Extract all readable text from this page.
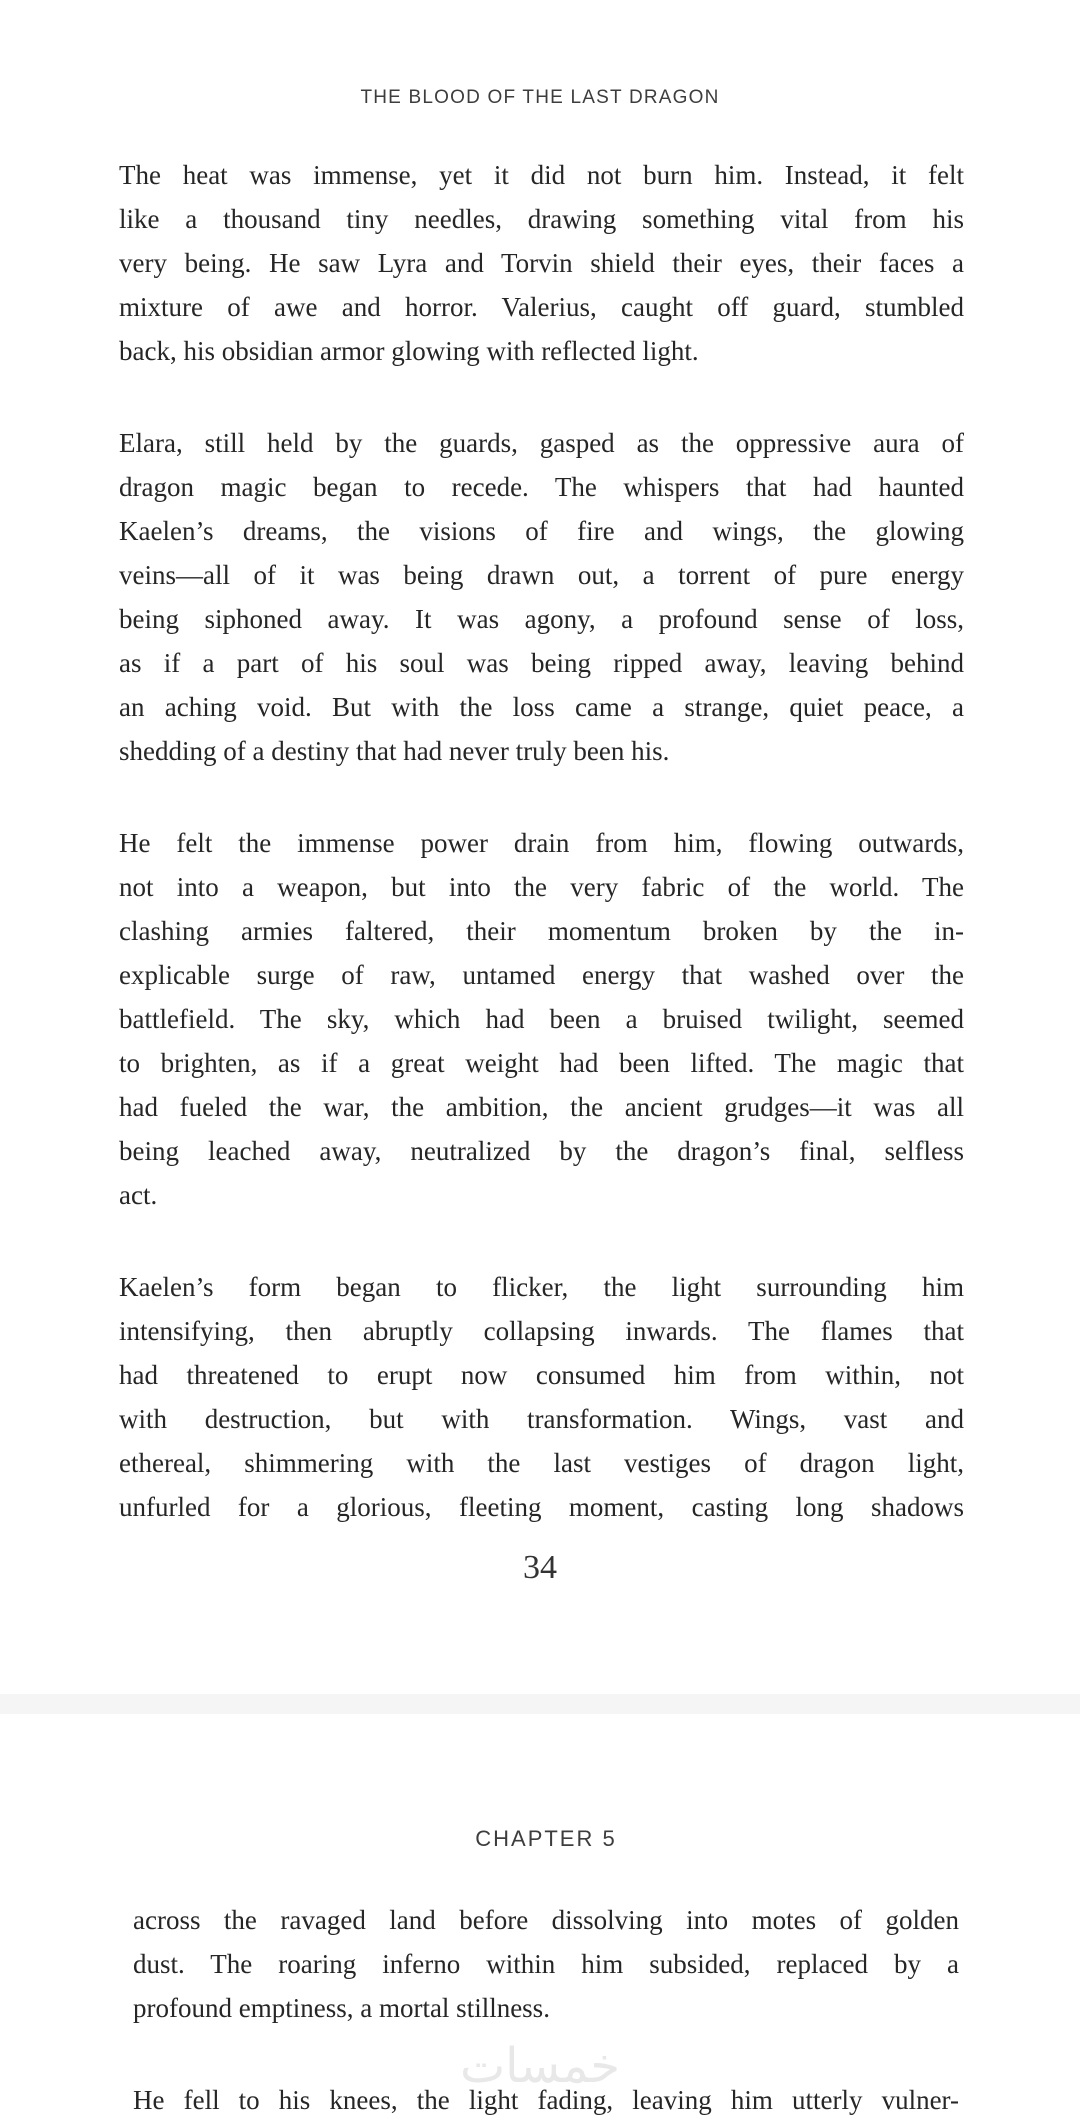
THE BLOOD OF THE LAST DRAGON
The heat was immense, yet it did not burn him. Instead, it felt
like a thousand tiny needles, drawing something vital from his
very being. He saw Lyra and Torvin shield their eyes, their faces a
mixture of awe and horror. Valerius, caught off guard, stumbled
back, his obsidian armor glowing with reflected light.
Elara, still held by the guards, gasped as the oppressive aura of
dragon magic began to recede. The whispers that had haunted
Kaelen’s dreams, the visions of fire and wings, the glowing
veins—all of it was being drawn out, a torrent of pure energy
being siphoned away. It was agony, a profound sense of loss,
as if a part of his soul was being ripped away, leaving behind
an aching void. But with the loss came a strange, quiet peace, a
shedding of a destiny that had never truly been his.
He felt the immense power drain from him, flowing outwards,
not into a weapon, but into the very fabric of the world. The
clashing armies faltered, their momentum broken by the in-
explicable surge of raw, untamed energy that washed over the
battlefield. The sky, which had been a bruised twilight, seemed
to brighten, as if a great weight had been lifted. The magic that
had fueled the war, the ambition, the ancient grudges—it was all
being leached away, neutralized by the dragon’s final, selfless
act.
Kaelen’s form began to flicker, the light surrounding him
intensifying, then abruptly collapsing inwards. The flames that
had threatened to erupt now consumed him from within, not
with destruction, but with transformation. Wings, vast and
ethereal, shimmering with the last vestiges of dragon light,
unfurled for a glorious, fleeting moment, casting long shadows
34
CHAPTER 5
خمسات
across the ravaged land before dissolving into motes of golden
dust. The roaring inferno within him subsided, replaced by a
profound emptiness, a mortal stillness.
He fell to his knees, the light fading, leaving him utterly vulner-
